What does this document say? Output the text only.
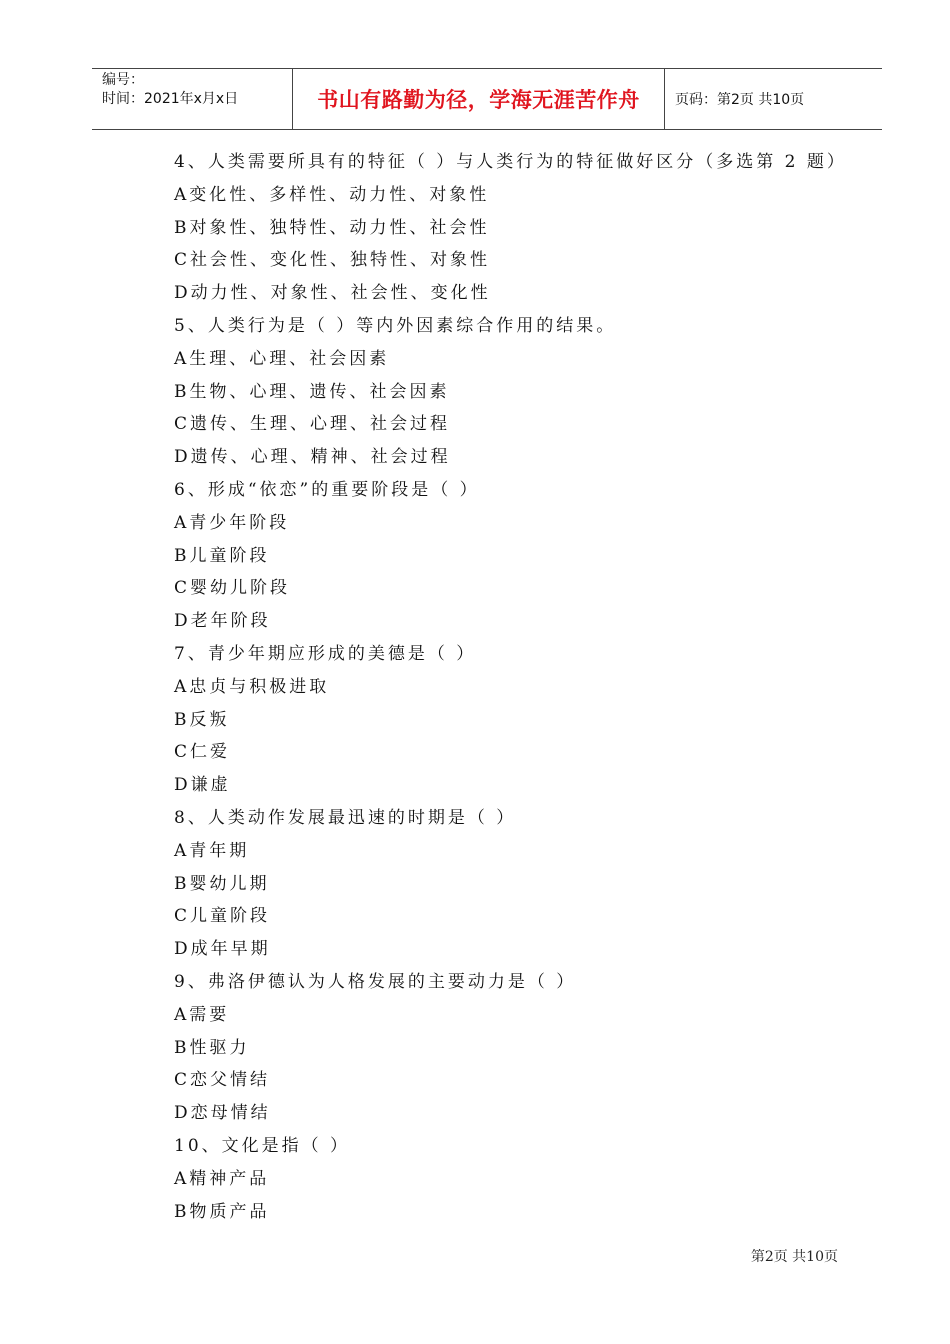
编号：
时间：2021年x月x日	书山有路勤为径，学海无涯苦作舟	页码：第2页 共10页
4、人类需要所具有的特征（ ）与人类行为的特征做好区分（多选第 2 题）
A变化性、多样性、动力性、对象性
B对象性、独特性、动力性、社会性
C社会性、变化性、独特性、对象性
D动力性、对象性、社会性、变化性
5、人类行为是（ ）等内外因素综合作用的结果。
A生理、心理、社会因素
B生物、心理、遗传、社会因素
C遗传、生理、心理、社会过程
D遗传、心理、精神、社会过程
6、形成“依恋”的重要阶段是（ ）
A青少年阶段
B儿童阶段
C婴幼儿阶段
D老年阶段
7、青少年期应形成的美德是（ ）
A忠贞与积极进取
B反叛
C仁爱
D谦虚
8、人类动作发展最迅速的时期是（ ）
A青年期
B婴幼儿期
C儿童阶段
D成年早期
9、弗洛伊德认为人格发展的主要动力是（ ）
A需要
B性驱力
C恋父情结
D恋母情结
10、文化是指（ ）
A精神产品
B物质产品
第2页 共10页
